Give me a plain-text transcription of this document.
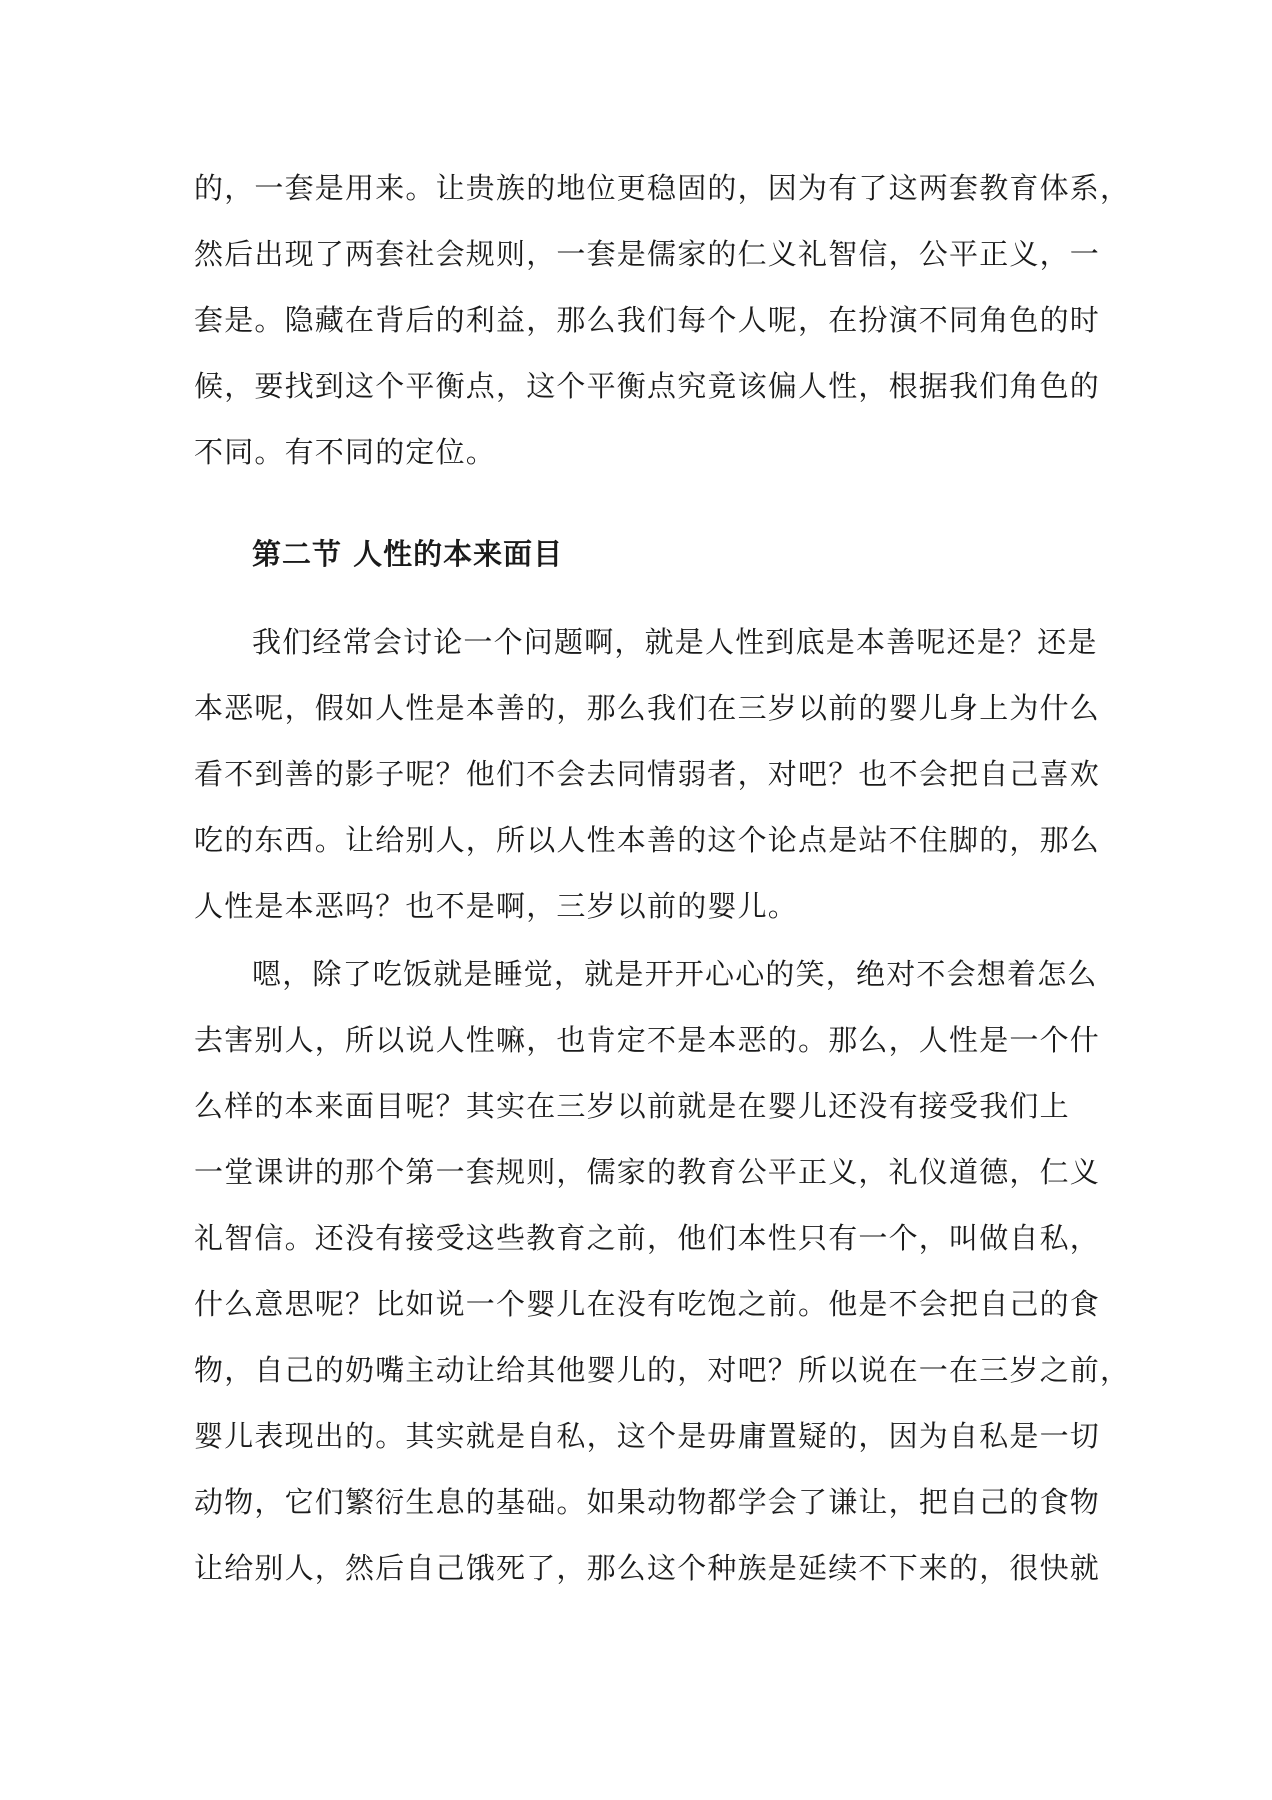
的，一套是用来。让贵族的地位更稳固的，因为有了这两套教育体系，

然后出现了两套社会规则，一套是儒家的仁义礼智信，公平正义，一

套是。隐藏在背后的利益，那么我们每个人呢，在扮演不同角色的时

候，要找到这个平衡点，这个平衡点究竟该偏人性，根据我们角色的

不同。有不同的定位。

第二节 人性的本来面目

我们经常会讨论一个问题啊，就是人性到底是本善呢还是？还是

本恶呢，假如人性是本善的，那么我们在三岁以前的婴儿身上为什么

看不到善的影子呢？他们不会去同情弱者，对吧？也不会把自己喜欢

吃的东西。让给别人，所以人性本善的这个论点是站不住脚的，那么

人性是本恶吗？也不是啊，三岁以前的婴儿。

嗯，除了吃饭就是睡觉，就是开开心心的笑，绝对不会想着怎么

去害别人，所以说人性嘛，也肯定不是本恶的。那么，人性是一个什

么样的本来面目呢？其实在三岁以前就是在婴儿还没有接受我们上

一堂课讲的那个第一套规则，儒家的教育公平正义，礼仪道德，仁义

礼智信。还没有接受这些教育之前，他们本性只有一个，叫做自私，

什么意思呢？比如说一个婴儿在没有吃饱之前。他是不会把自己的食

物，自己的奶嘴主动让给其他婴儿的，对吧？所以说在一在三岁之前，

婴儿表现出的。其实就是自私，这个是毋庸置疑的，因为自私是一切

动物，它们繁衍生息的基础。如果动物都学会了谦让，把自己的食物

让给别人，然后自己饿死了，那么这个种族是延续不下来的，很快就
